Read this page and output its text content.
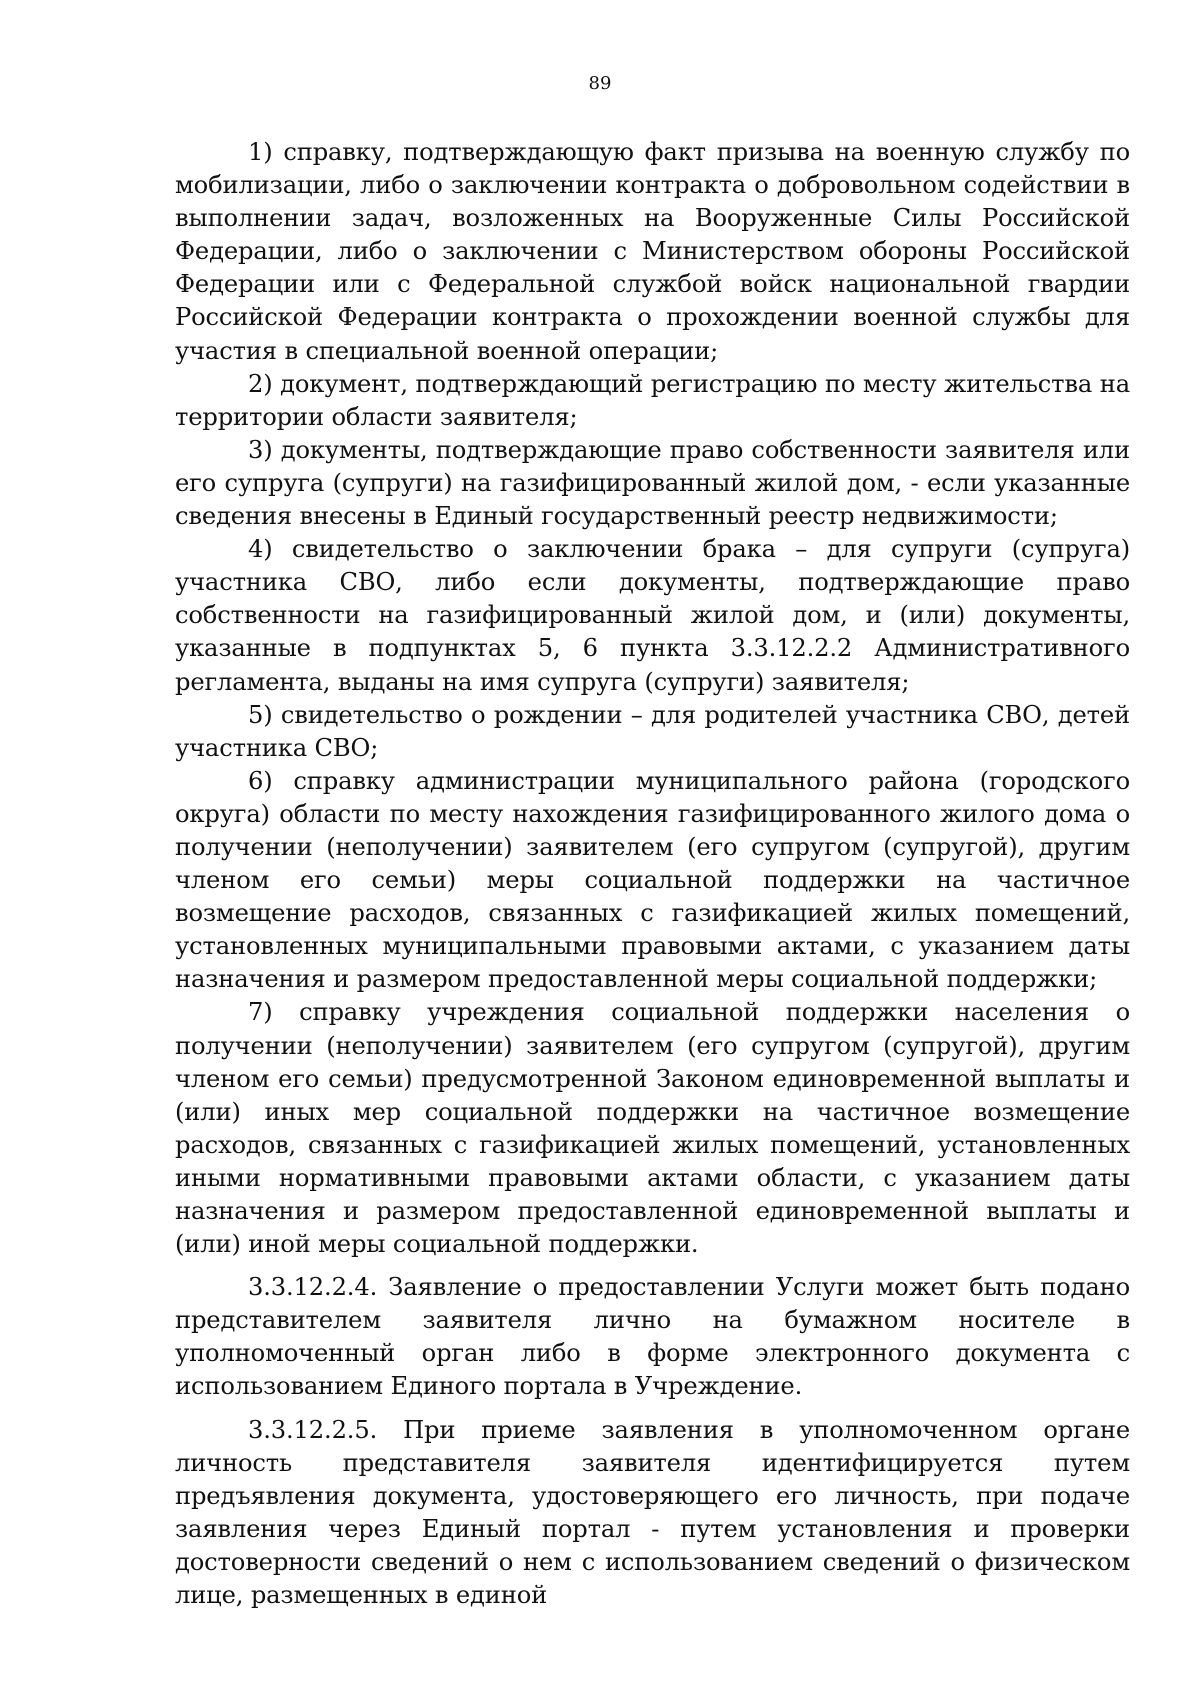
89

1) справку, подтверждающую факт призыва на военную службу по мобилизации, либо о заключении контракта о добровольном содействии в выполнении задач, возложенных на Вооруженные Силы Российской Федерации, либо о заключении с Министерством обороны Российской Федерации или с Федеральной службой войск национальной гвардии Российской Федерации контракта о прохождении военной службы для участия в специальной военной операции;

2) документ, подтверждающий регистрацию по месту жительства на территории области заявителя;

3) документы, подтверждающие право собственности заявителя или его супруга (супруги) на газифицированный жилой дом, - если указанные сведения внесены в Единый государственный реестр недвижимости;

4) свидетельство о заключении брака – для супруги (супруга) участника СВО, либо если документы, подтверждающие право собственности на газифицированный жилой дом, и (или) документы, указанные в подпунктах 5, 6 пункта 3.3.12.2.2 Административного регламента, выданы на имя супруга (супруги) заявителя;

5) свидетельство о рождении – для родителей участника СВО, детей участника СВО;

6) справку администрации муниципального района (городского округа) области по месту нахождения газифицированного жилого дома о получении (неполучении) заявителем (его супругом (супругой), другим членом его семьи) меры социальной поддержки на частичное возмещение расходов, связанных с газификацией жилых помещений, установленных муниципальными правовыми актами, с указанием даты назначения и размером предоставленной меры социальной поддержки;

7) справку учреждения социальной поддержки населения о получении (неполучении) заявителем (его супругом (супругой), другим членом его семьи) предусмотренной Законом единовременной выплаты и (или) иных мер социальной поддержки на частичное возмещение расходов, связанных с газификацией жилых помещений, установленных иными нормативными правовыми актами области, с указанием даты назначения и размером предоставленной единовременной выплаты и (или) иной меры социальной поддержки.

3.3.12.2.4. Заявление о предоставлении Услуги может быть подано представителем заявителя лично на бумажном носителе в уполномоченный орган либо в форме электронного документа с использованием Единого портала в Учреждение.

3.3.12.2.5. При приеме заявления в уполномоченном органе личность представителя заявителя идентифицируется путем предъявления документа, удостоверяющего его личность, при подаче заявления через Единый портал - путем установления и проверки достоверности сведений о нем с использованием сведений о физическом лице, размещенных в единой
